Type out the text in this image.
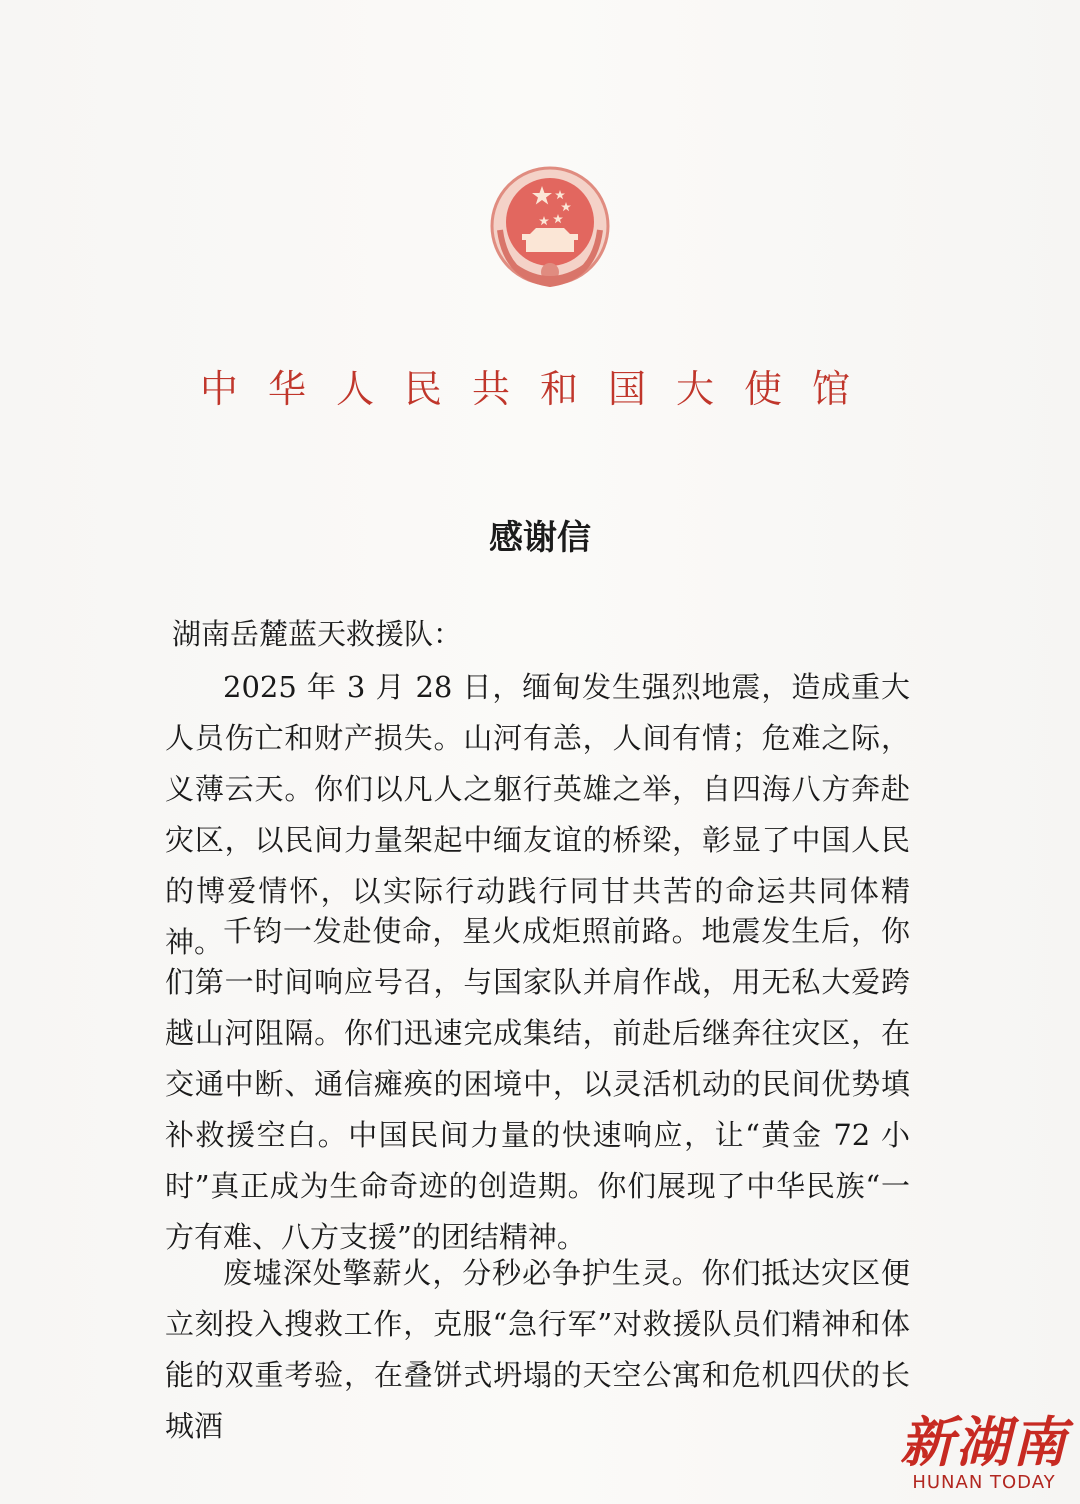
中华人民共和国大使馆
感谢信
湖南岳麓蓝天救援队：

2025 年 3 月 28 日，缅甸发生强烈地震，造成重大人员伤亡和财产损失。山河有恙，人间有情；危难之际，义薄云天。你们以凡人之躯行英雄之举，自四海八方奔赴灾区，以民间力量架起中缅友谊的桥梁，彰显了中国人民的博爱情怀，以实际行动践行同甘共苦的命运共同体精神。 千钧一发赴使命，星火成炬照前路。地震发生后，你们第一时间响应号召，与国家队并肩作战，用无私大爱跨越山河阻隔。你们迅速完成集结，前赴后继奔往灾区，在交通中断、通信瘫痪的困境中，以灵活机动的民间优势填补救援空白。中国民间力量的快速响应，让“黄金 72 小时”真正成为生命奇迹的创造期。你们展现了中华民族“一方有难、八方支援”的团结精神。

废墟深处擎薪火，分秒必争护生灵。你们抵达灾区便立刻投入搜救工作，克服“急行军”对救援队员们精神和体能的双重考验，在叠饼式坍塌的天空公寓和危机四伏的长城酒	新湖南
HUNAN TODAY
